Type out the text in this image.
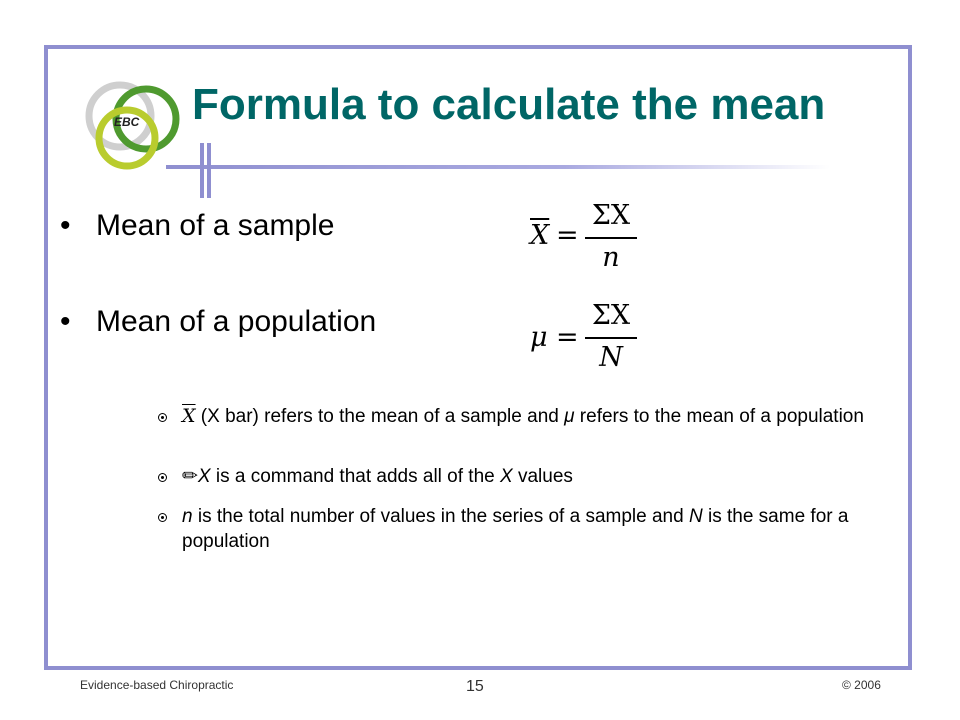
EBC Formula to calculate the mean
• Mean of a sample
• Mean of a population
$\overline{X}$ =
ΣX
n
μ =
ΣX
N
$\overline{X}$ (X bar) refers to the mean of a sample and μ refers to the mean of a population
✏X is a command that adds all of the X values
n is the total number of values in the series of a sample and N is the same for a population
Evidence-based Chiropractic	15	© 2006
